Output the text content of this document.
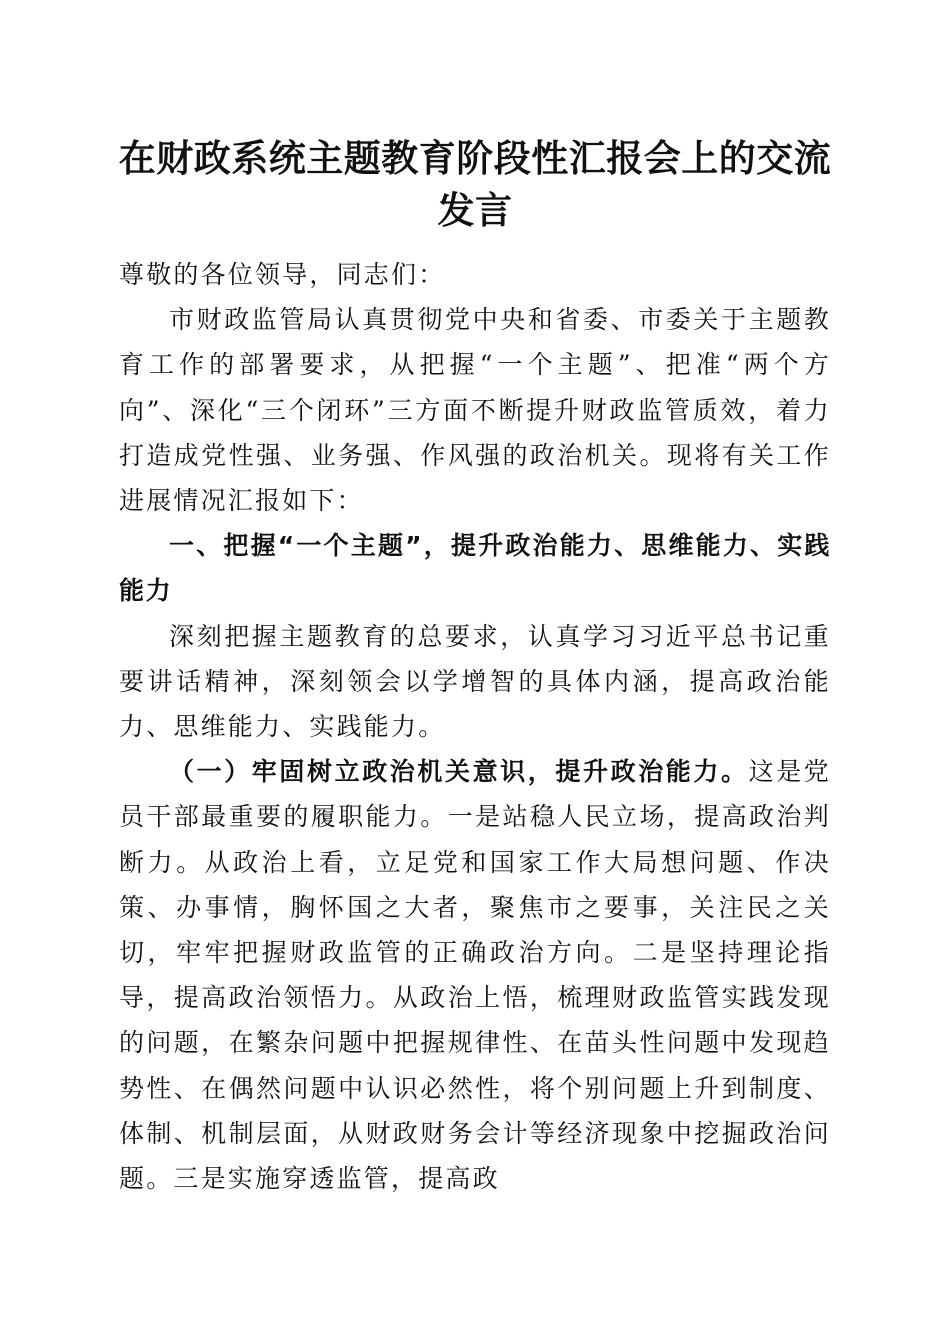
在财政系统主题教育阶段性汇报会上的交流发言

尊敬的各位领导，同志们：

市财政监管局认真贯彻党中央和省委、市委关于主题教育工作的部署要求，从把握“一个主题”、把准“两个方向”、深化“三个闭环”三方面不断提升财政监管质效，着力打造成党性强、业务强、作风强的政治机关。现将有关工作进展情况汇报如下：

一、把握“一个主题”，提升政治能力、思维能力、实践能力

深刻把握主题教育的总要求，认真学习习近平总书记重要讲话精神，深刻领会以学增智的具体内涵，提高政治能力、思维能力、实践能力。

（一）牢固树立政治机关意识，提升政治能力。这是党员干部最重要的履职能力。一是站稳人民立场，提高政治判断力。从政治上看，立足党和国家工作大局想问题、作决策、办事情，胸怀国之大者，聚焦市之要事，关注民之关切，牢牢把握财政监管的正确政治方向。二是坚持理论指导，提高政治领悟力。从政治上悟，梳理财政监管实践发现的问题，在繁杂问题中把握规律性、在苗头性问题中发现趋势性、在偶然问题中认识必然性，将个别问题上升到制度、体制、机制层面，从财政财务会计等经济现象中挖掘政治问题。三是实施穿透监管，提高政
